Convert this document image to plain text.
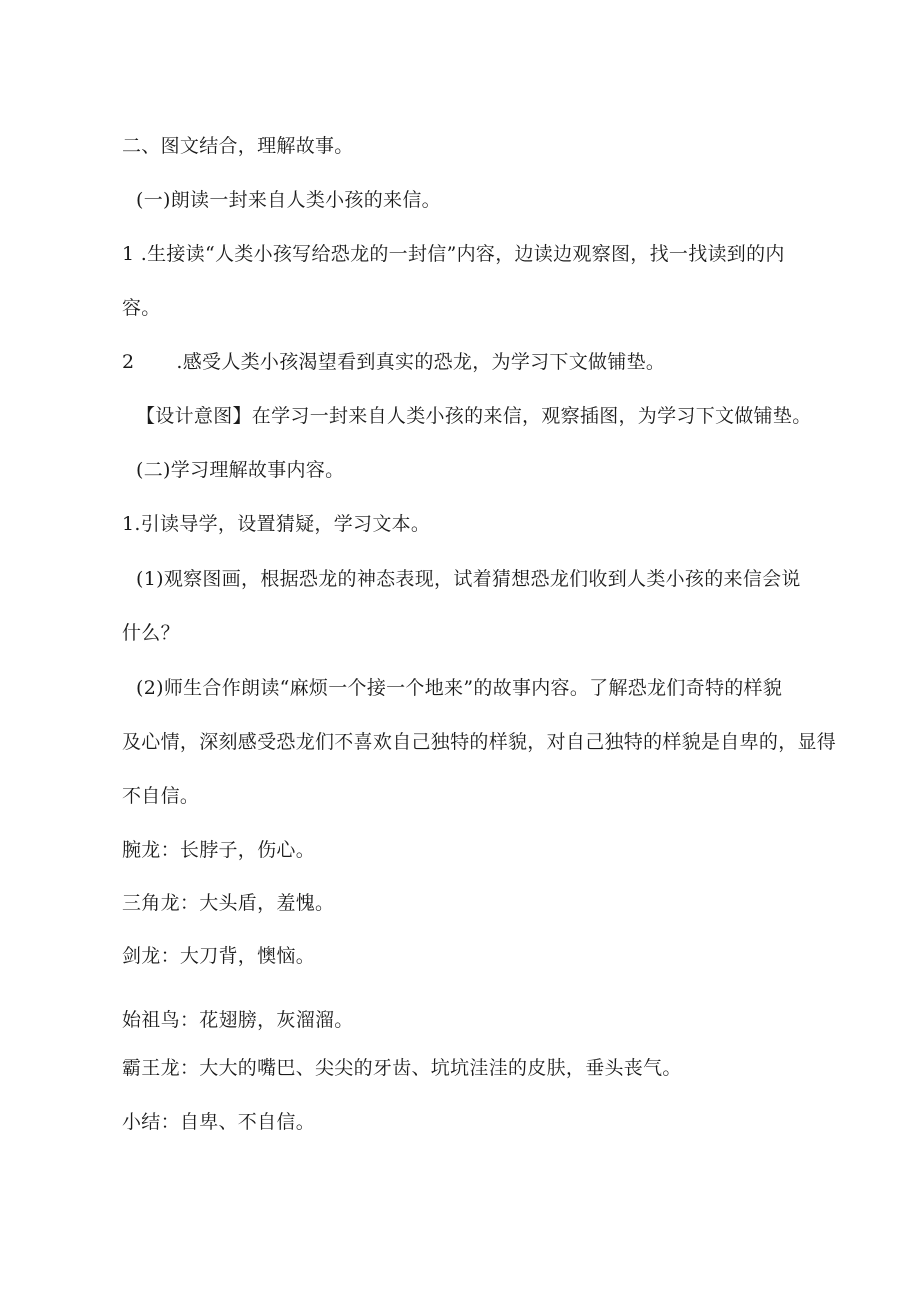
二、图文结合，理解故事。
(一)朗读一封来自人类小孩的来信。
1 .生接读“人类小孩写给恐龙的一封信”内容，边读边观察图，找一找读到的内
容。
2 .感受人类小孩渴望看到真实的恐龙，为学习下文做铺垫。
【设计意图】在学习一封来自人类小孩的来信，观察插图，为学习下文做铺垫。
(二)学习理解故事内容。
1.引读导学，设置猜疑，学习文本。
(1)观察图画，根据恐龙的神态表现，试着猜想恐龙们收到人类小孩的来信会说
什么？
(2)师生合作朗读“麻烦一个接一个地来”的故事内容。了解恐龙们奇特的样貌
及心情，深刻感受恐龙们不喜欢自己独特的样貌，对自己独特的样貌是自卑的，显得
不自信。
腕龙：长脖子，伤心。
三角龙：大头盾，羞愧。
剑龙：大刀背，懊恼。
始祖鸟：花翅膀，灰溜溜。
霸王龙：大大的嘴巴、尖尖的牙齿、坑坑洼洼的皮肤，垂头丧气。
小结：自卑、不自信。
